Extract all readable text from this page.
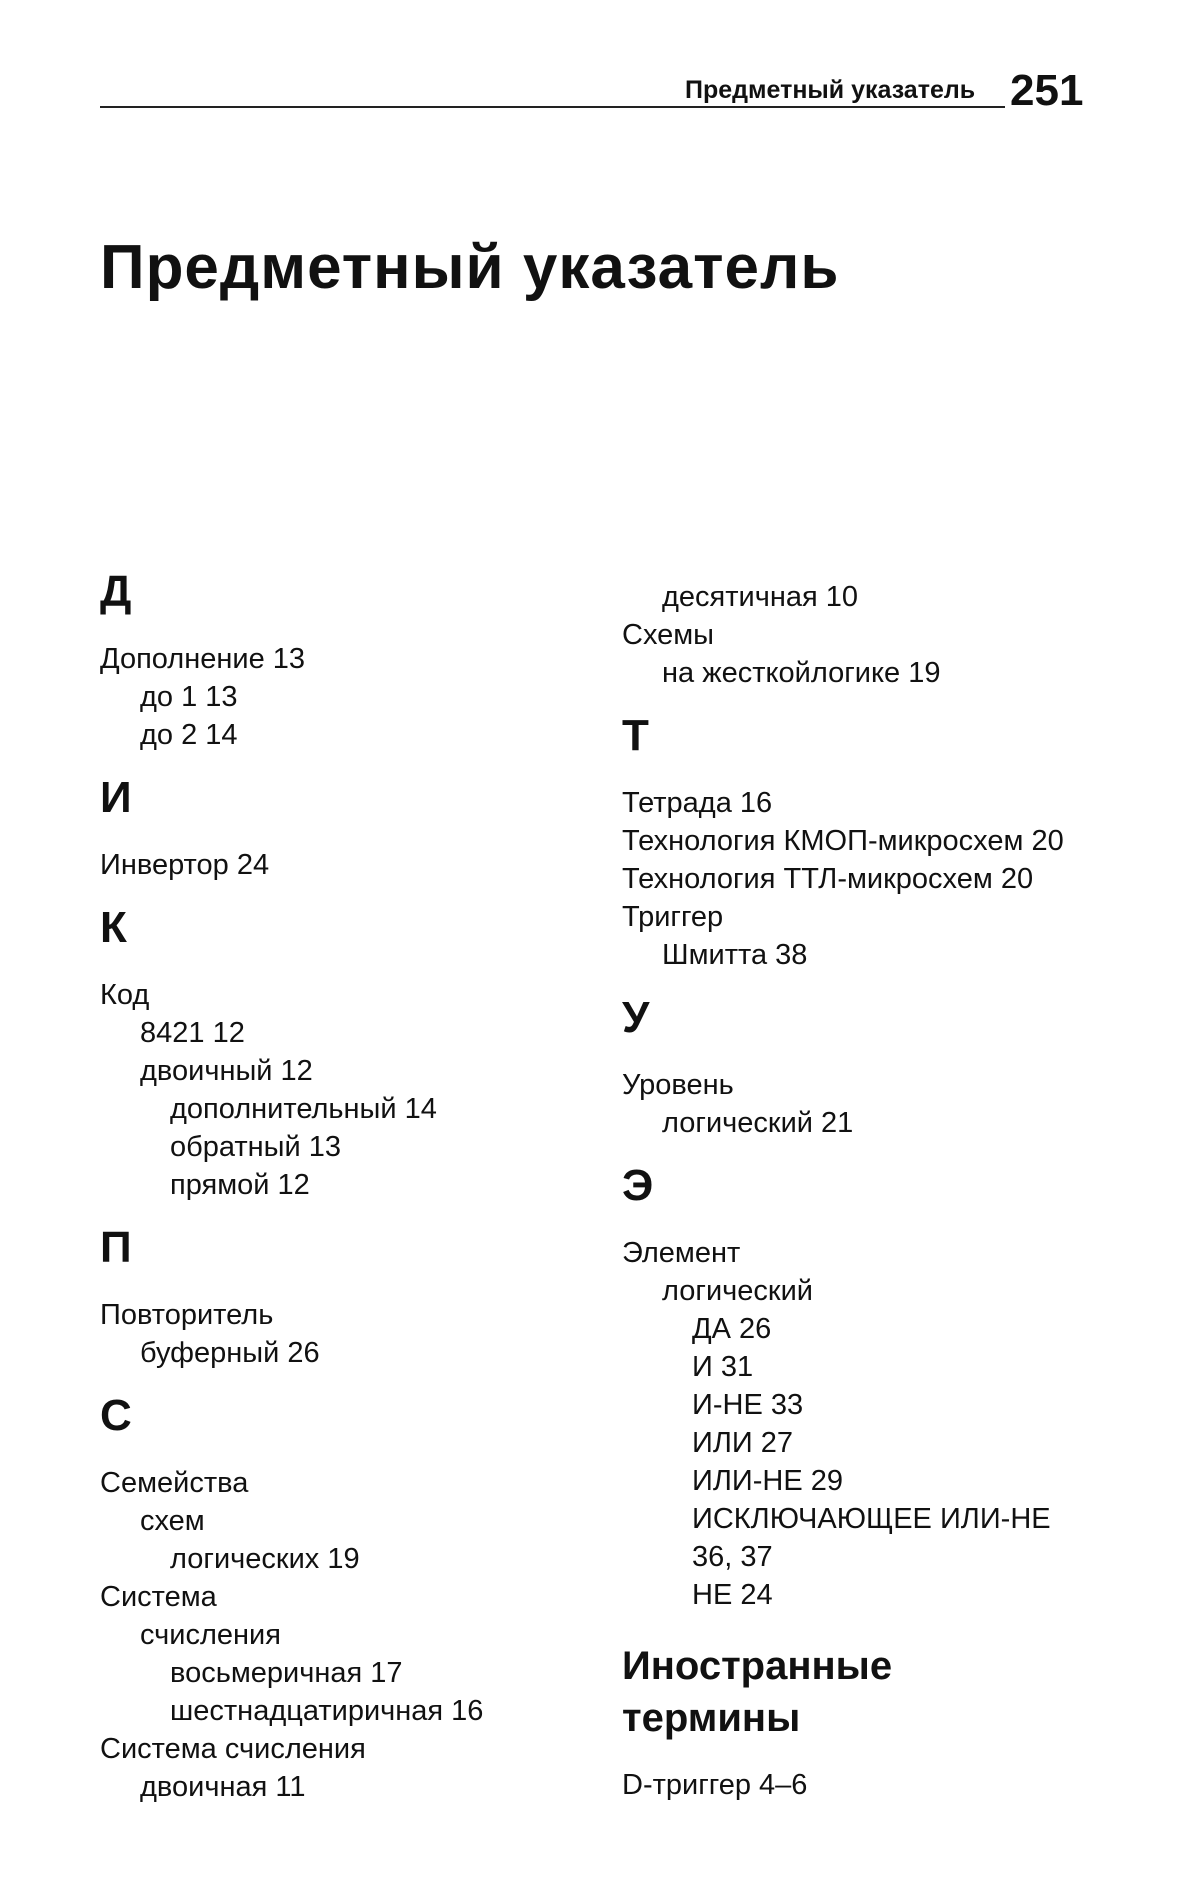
Предметный указатель 251
Предметный указатель
Д
Дополнение 13
до 1 13
до 2 14
И
Инвертор 24
К
Код
8421 12
двоичный 12
дополнительный 14
обратный 13
прямой 12
П
Повторитель
буферный 26
С
Семейства
схем
логических 19
Система
счисления
восьмеричная 17
шестнадцатиричная 16
Система счисления
двоичная 11
десятичная 10
Схемы
на жесткойлогике 19
Т
Тетрада 16
Технология КМОП-микросхем 20
Технология ТТЛ-микросхем 20
Триггер
Шмитта 38
У
Уровень
логический 21
Э
Элемент
логический
ДА 26
И 31
И-НЕ 33
ИЛИ 27
ИЛИ-НЕ 29
ИСКЛЮЧАЮЩЕЕ ИЛИ-НЕ
36, 37
НЕ 24
Иностранные
термины
D-триггер 4–6
